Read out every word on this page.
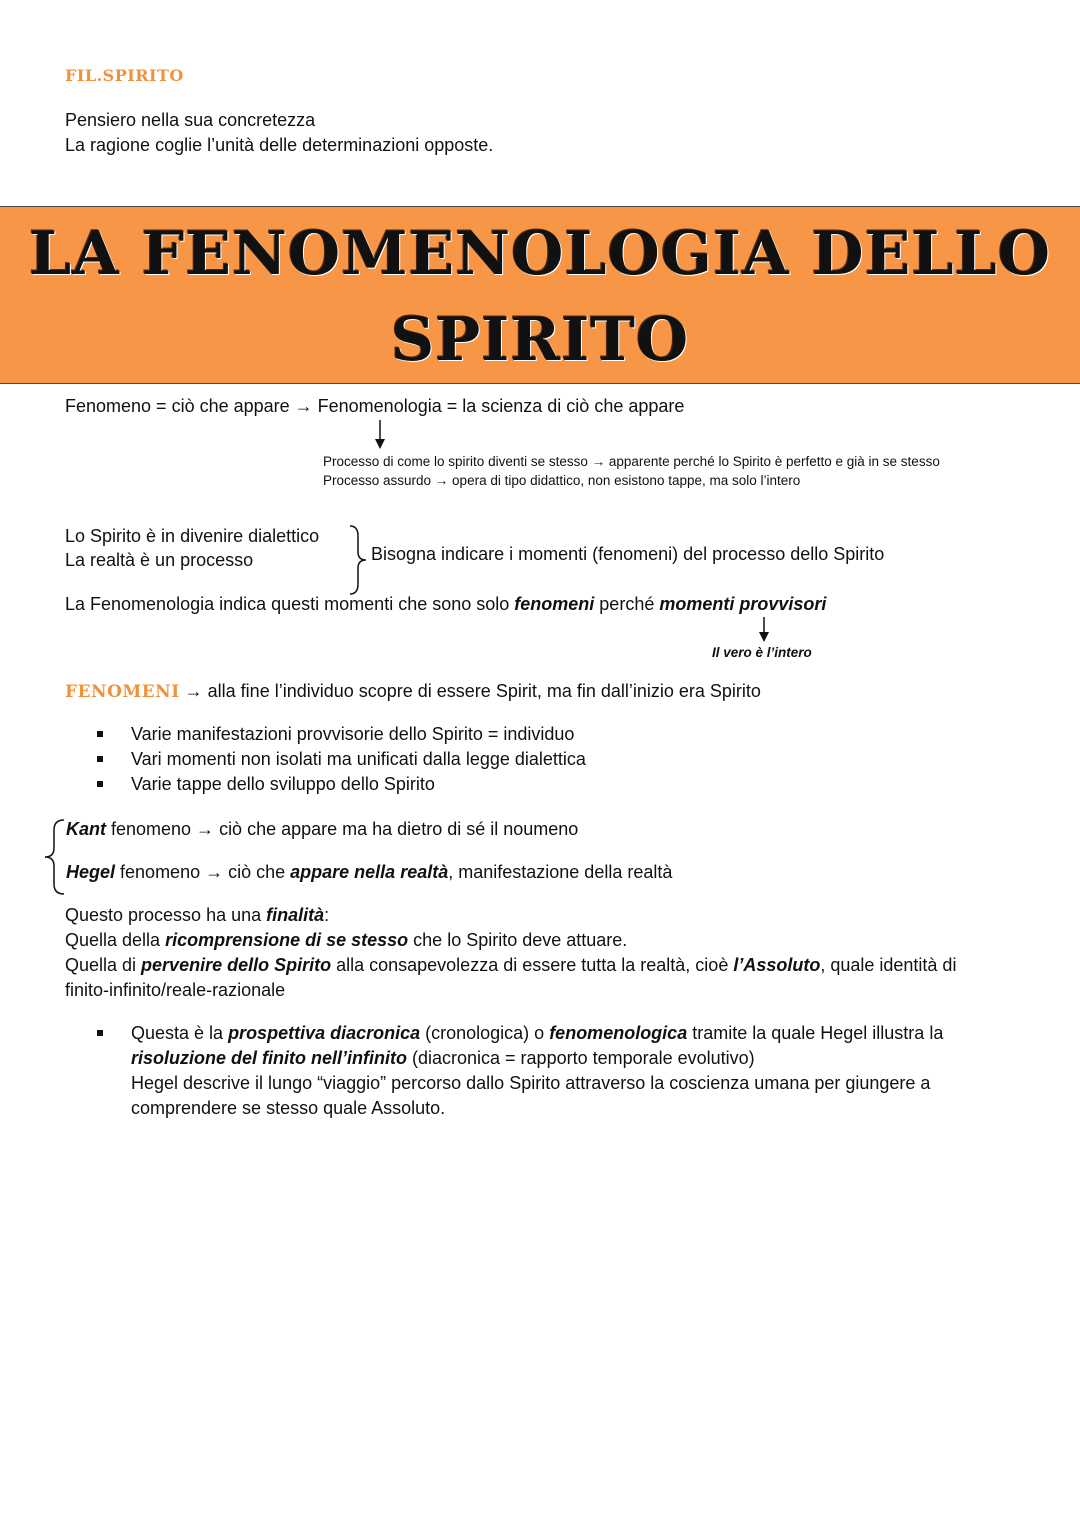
FIL.SPIRITO
Pensiero nella sua concretezza
La ragione coglie l’unità delle determinazioni opposte.
LA FENOMENOLOGIA DELLO
SPIRITO
Fenomeno = ciò che appare → Fenomenologia = la scienza di ciò che appare
Processo di come lo spirito diventi se stesso → apparente perché lo Spirito è perfetto e già in se stesso
Processo assurdo → opera di tipo didattico, non esistono tappe, ma solo l’intero
Lo Spirito è in divenire dialettico
La realtà è un processo	Bisogna indicare i momenti (fenomeni) del processo dello Spirito
La Fenomenologia indica questi momenti che sono solo fenomeni perché momenti provvisori
Il vero è l’intero
FENOMENI → alla fine l’individuo scopre di essere Spirit, ma fin dall’inizio era Spirito
Varie manifestazioni provvisorie dello Spirito = individuo
Vari momenti non isolati ma unificati dalla legge dialettica
Varie tappe dello sviluppo dello Spirito
Kant fenomeno → ciò che appare ma ha dietro di sé il noumeno
Hegel fenomeno → ciò che appare nella realtà, manifestazione della realtà
Questo processo ha una finalità:
Quella della ricomprensione di se stesso che lo Spirito deve attuare.
Quella di pervenire dello Spirito alla consapevolezza di essere tutta la realtà, cioè l’Assoluto, quale identità di
finito-infinito/reale-razionale
Questa è la prospettiva diacronica (cronologica) o fenomenologica tramite la quale Hegel illustra la
risoluzione del finito nell’infinito (diacronica = rapporto temporale evolutivo)
Hegel descrive il lungo “viaggio” percorso dallo Spirito attraverso la coscienza umana per giungere a
comprendere se stesso quale Assoluto.
